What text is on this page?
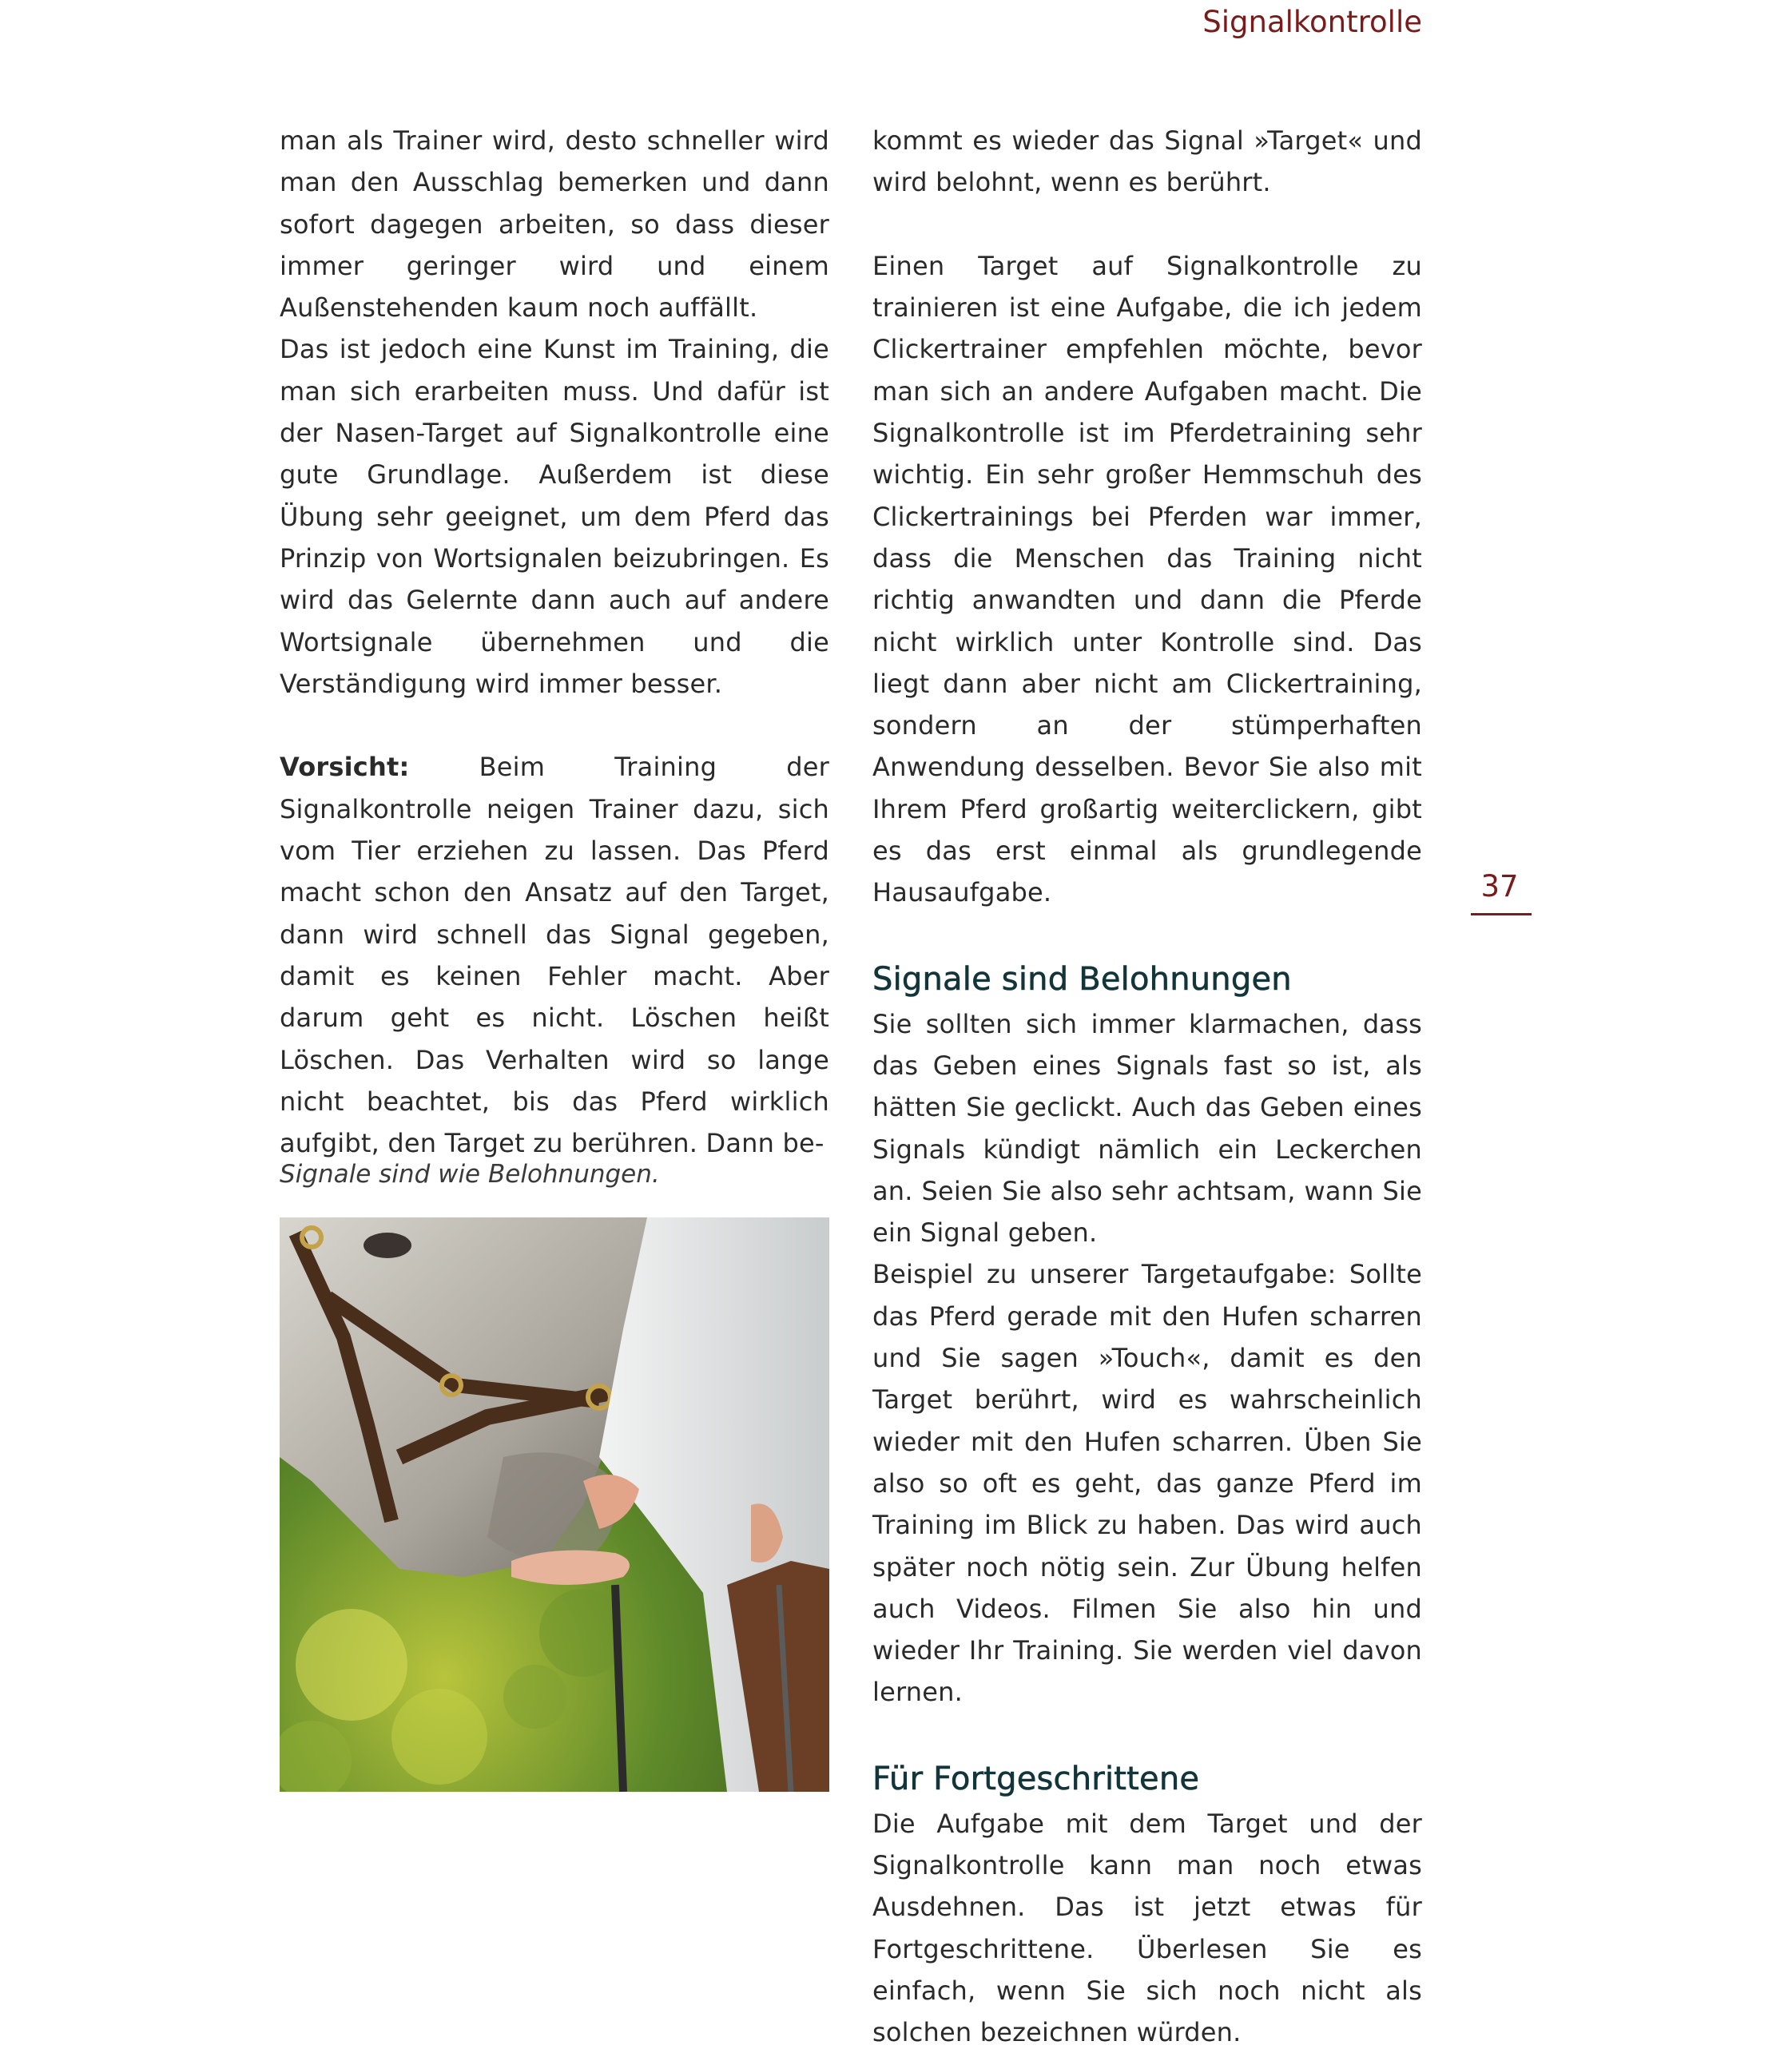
Signalkontrolle

man als Trainer wird, desto schneller wird man den Ausschlag bemerken und dann sofort dagegen arbeiten, so dass dieser immer geringer wird und einem Außenstehenden kaum noch auffällt.

Das ist jedoch eine Kunst im Training, die man sich erarbeiten muss. Und dafür ist der Nasen-Target auf Signalkontrolle eine gute Grundlage. Außerdem ist diese Übung sehr geeignet, um dem Pferd das Prinzip von Wortsignalen beizubringen. Es wird das Gelernte dann auch auf andere Wortsignale übernehmen und die Verständigung wird immer besser.

Vorsicht: Beim Training der Signalkontrolle neigen Trainer dazu, sich vom Tier erziehen zu lassen. Das Pferd macht schon den Ansatz auf den Target, dann wird schnell das Signal gegeben, damit es keinen Fehler macht. Aber darum geht es nicht. Löschen heißt Löschen. Das Verhalten wird so lange nicht beachtet, bis das Pferd wirklich aufgibt, den Target zu berühren. Dann be-

Signale sind wie Belohnungen.

kommt es wieder das Signal »Target« und wird belohnt, wenn es berührt.

Einen Target auf Signalkontrolle zu trainieren ist eine Aufgabe, die ich jedem Clickertrainer empfehlen möchte, bevor man sich an andere Aufgaben macht. Die Signalkontrolle ist im Pferdetraining sehr wichtig. Ein sehr großer Hemmschuh des Clickertrainings bei Pferden war immer, dass die Menschen das Training nicht richtig anwandten und dann die Pferde nicht wirklich unter Kontrolle sind. Das liegt dann aber nicht am Clickertraining, sondern an der stümperhaften Anwendung desselben. Bevor Sie also mit Ihrem Pferd großartig weiterclickern, gibt es das erst einmal als grundlegende Hausaufgabe.

Signale sind Belohnungen

Sie sollten sich immer klarmachen, dass das Geben eines Signals fast so ist, als hätten Sie geclickt. Auch das Geben eines Signals kündigt nämlich ein Leckerchen an. Seien Sie also sehr achtsam, wann Sie ein Signal geben.

Beispiel zu unserer Targetaufgabe: Sollte das Pferd gerade mit den Hufen scharren und Sie sagen »Touch«, damit es den Target berührt, wird es wahrscheinlich wieder mit den Hufen scharren. Üben Sie also so oft es geht, das ganze Pferd im Training im Blick zu haben. Das wird auch später noch nötig sein. Zur Übung helfen auch Videos. Filmen Sie also hin und wieder Ihr Training. Sie werden viel davon lernen.

Für Fortgeschrittene

Die Aufgabe mit dem Target und der Signalkontrolle kann man noch etwas Ausdehnen. Das ist jetzt etwas für Fortgeschrittene. Überlesen Sie es einfach, wenn Sie sich noch nicht als solchen bezeichnen würden.

37
